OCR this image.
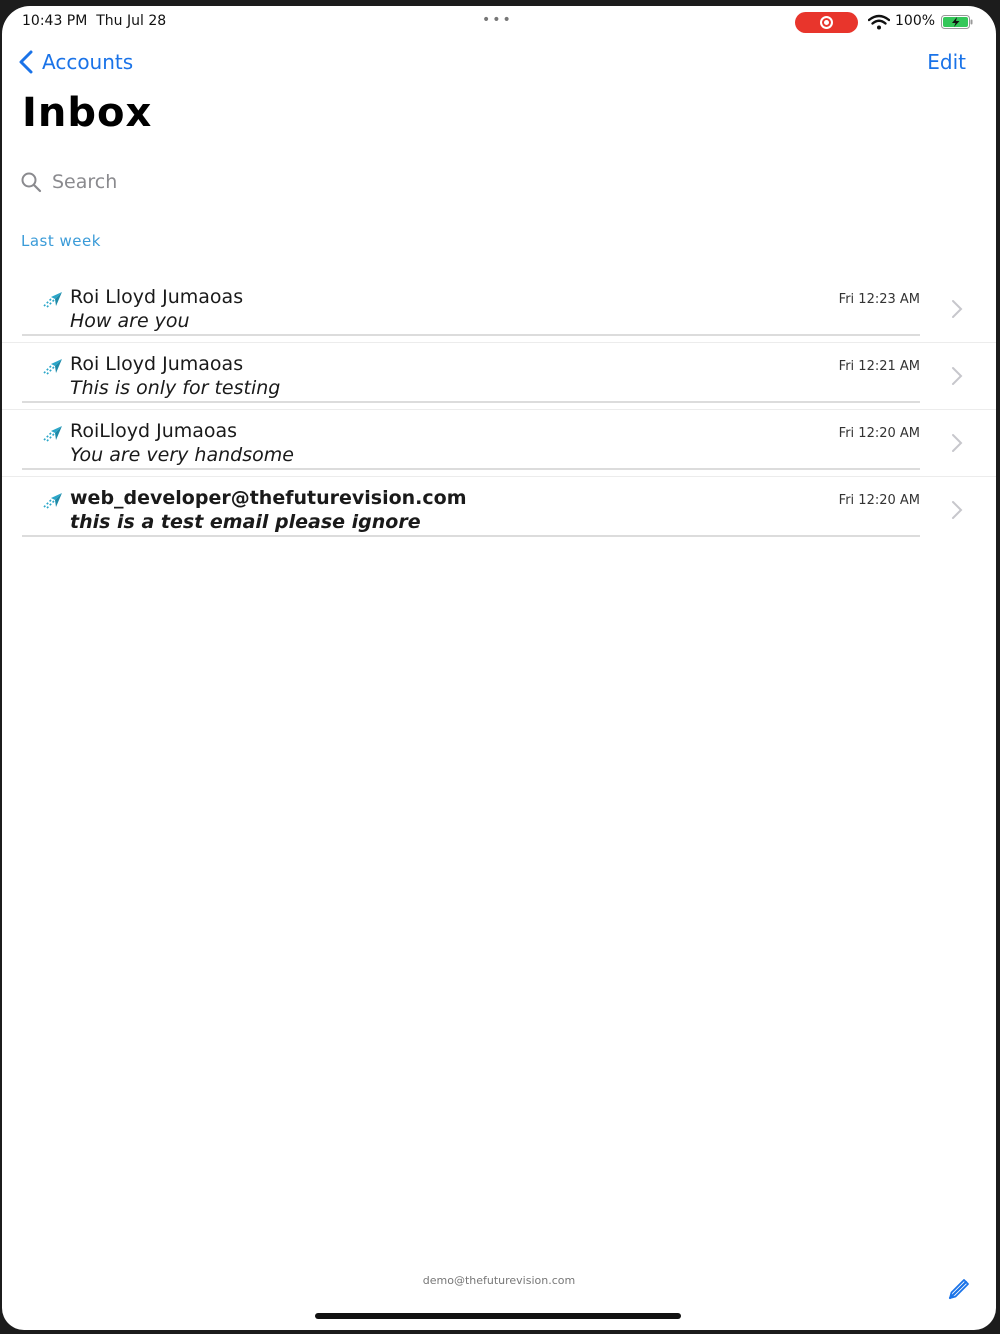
10:43 PM Thu Jul 28	•••	100%
Accounts	Edit
Inbox
Search
Last week
Roi Lloyd Jumaoas
How are you
Fri 12:23 AM
Roi Lloyd Jumaoas
This is only for testing
Fri 12:21 AM
RoiLloyd Jumaoas
You are very handsome
Fri 12:20 AM
web_developer@thefuturevision.com
this is a test email please ignore
Fri 12:20 AM
demo@thefuturevision.com
